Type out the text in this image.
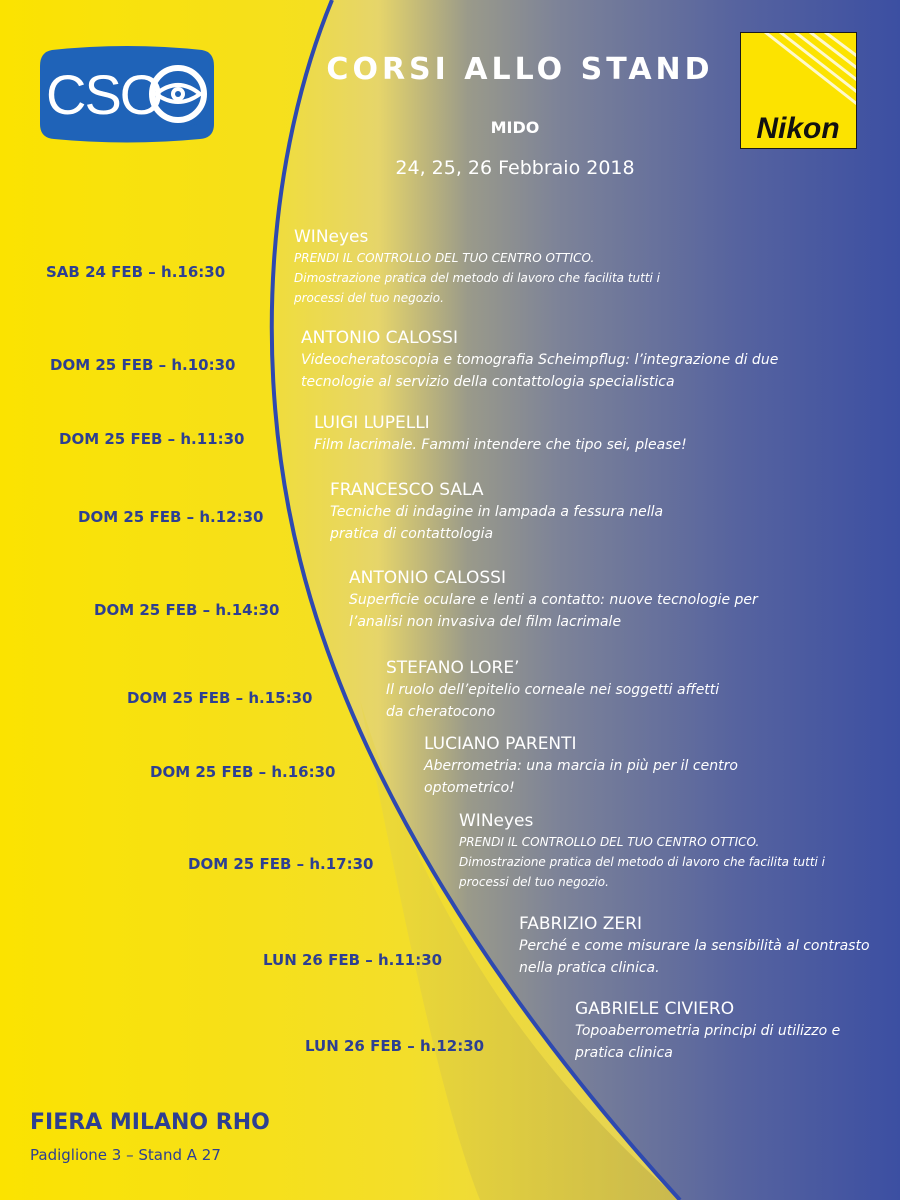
CSO
Nikon
CORSI ALLO STAND
MIDO
24, 25, 26 Febbraio 2018
SAB 24 FEB – h.16:30
DOM 25 FEB – h.10:30
DOM 25 FEB – h.11:30
DOM 25 FEB – h.12:30
DOM 25 FEB – h.14:30
DOM 25 FEB – h.15:30
DOM 25 FEB – h.16:30
DOM 25 FEB – h.17:30
LUN 26 FEB – h.11:30
LUN 26 FEB – h.12:30
WINeyes
PRENDI IL CONTROLLO DEL TUO CENTRO OTTICO.
Dimostrazione pratica del metodo di lavoro che facilita tutti i
processi del tuo negozio.
ANTONIO CALOSSI
Videocheratoscopia e tomografia Scheimpflug: l’integrazione di due
tecnologie al servizio della contattologia specialistica
LUIGI LUPELLI
Film lacrimale. Fammi intendere che tipo sei, please!
FRANCESCO SALA
Tecniche di indagine in lampada a fessura nella
pratica di contattologia
ANTONIO CALOSSI
Superficie oculare e lenti a contatto: nuove tecnologie per
l’analisi non invasiva del film lacrimale
STEFANO LORE’
Il ruolo dell’epitelio corneale nei soggetti affetti
da cheratocono
LUCIANO PARENTI
Aberrometria: una marcia in più per il centro
optometrico!
WINeyes
PRENDI IL CONTROLLO DEL TUO CENTRO OTTICO.
Dimostrazione pratica del metodo di lavoro che facilita tutti i
processi del tuo negozio.
FABRIZIO ZERI
Perché e come misurare la sensibilità al contrasto
nella pratica clinica.
GABRIELE CIVIERO
Topoaberrometria principi di utilizzo e
pratica clinica
FIERA MILANO RHO
Padiglione 3 – Stand A 27
